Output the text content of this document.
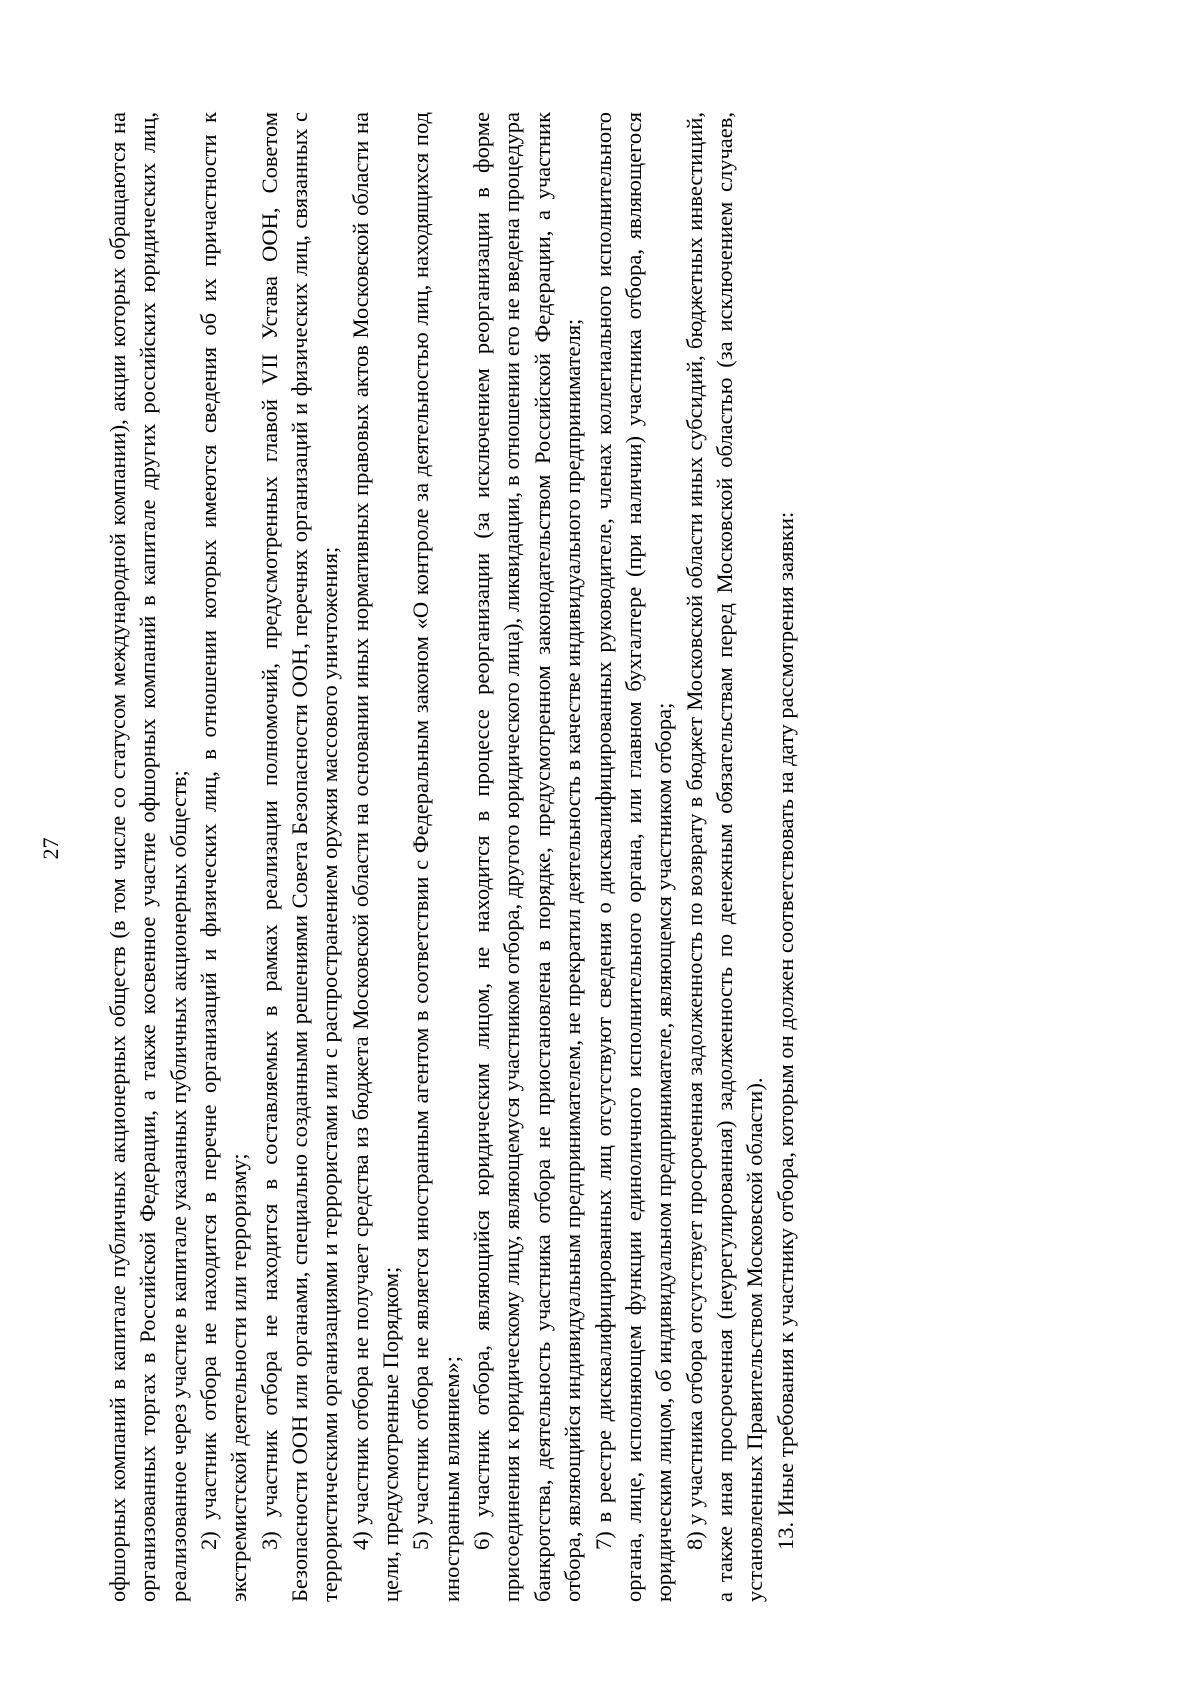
27 офшорных компаний в капитале публичных акционерных обществ (в том числе со статусом международной компании), акции которых обращаются на организованных торгах в Российской Федерации, а также косвенное участие офшорных компаний в капитале других российских юридических лиц, реализованное через участие в капитале указанных публичных акционерных обществ; 2) участник отбора не находится в перечне организаций и физических лиц, в отношении которых имеются сведения об их причастности к экстремистской деятельности или терроризму; 3) участник отбора не находится в составляемых в рамках реализации полномочий, предусмотренных главой VII Устава ООН, Советом Безопасности ООН или органами, специально созданными решениями Совета Безопасности ООН, перечнях организаций и физических лиц, связанных с террористическими организациями и террористами или с распространением оружия массового уничтожения; 4) участник отбора не получает средства из бюджета Московской области на основании иных нормативных правовых актов Московской области на цели, предусмотренные Порядком; 5) участник отбора не является иностранным агентом в соответствии с Федеральным законом «О контроле за деятельностью лиц, находящихся под иностранным влиянием»; 6) участник отбора, являющийся юридическим лицом, не находится в процессе реорганизации (за исключением реорганизации в форме присоединения к юридическому лицу, являющемуся участником отбора, другого юридического лица), ликвидации, в отношении его не введена процедура банкротства, деятельность участника отбора не приостановлена в порядке, предусмотренном законодательством Российской Федерации, а участник отбора, являющийся индивидуальным предпринимателем, не прекратил деятельность в качестве индивидуального предпринимателя; 7) в реестре дисквалифицированных лиц отсутствуют сведения о дисквалифицированных руководителе, членах коллегиального исполнительного органа, лице, исполняющем функции единоличного исполнительного органа, или главном бухгалтере (при наличии) участника отбора, являющегося юридическим лицом, об индивидуальном предпринимателе, являющемся участником отбора; 8) у участника отбора отсутствует просроченная задолженность по возврату в бюджет Московской области иных субсидий, бюджетных инвестиций, а также иная просроченная (неурегулированная) задолженность по денежным обязательствам перед Московской областью (за исключением случаев, установленных Правительством Московской области). 13. Иные требования к участнику отбора, которым он должен соответствовать на дату рассмотрения заявки:
